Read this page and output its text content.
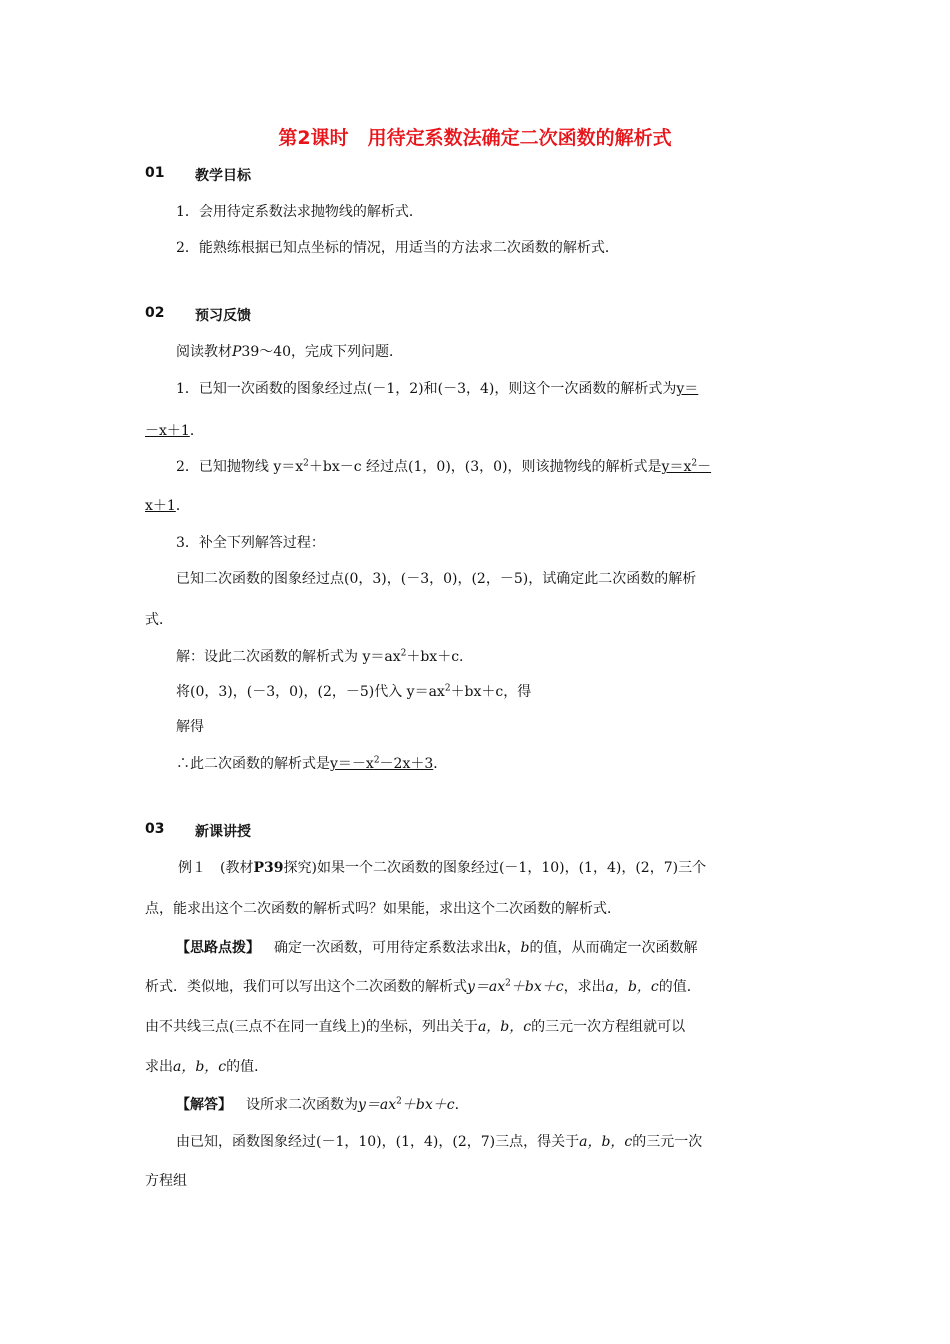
第2课时　用待定系数法确定二次函数的解析式
01 教学目标
1．会用待定系数法求抛物线的解析式．
2．能熟练根据已知点坐标的情况，用适当的方法求二次函数的解析式．
02 预习反馈
阅读教材P39～40，完成下列问题．
1．已知一次函数的图象经过点(－1，2)和(－3，4)，则这个一次函数的解析式为y＝
－x＋1．
2．已知抛物线 $y=x^2+bx-c$ 经过点(1，0)，(3，0)，则该抛物线的解析式是$y=x^2-$
x＋1．
3．补全下列解答过程：
已知二次函数的图象经过点(0，3)，(－3，0)，(2，－5)，试确定此二次函数的解析
式．
解：设此二次函数的解析式为 $y=ax^2+bx+c$.
将(0，3)，(－3，0)，(2，－5)代入 $y=ax^2+bx+c$，得
解得
∴此二次函数的解析式是$y=-x^2-2x+3$．
03 新课讲授
例１　(教材P39探究)如果一个二次函数的图象经过(－1，10)，(1，4)，(2，7)三个
点，能求出这个二次函数的解析式吗？如果能，求出这个二次函数的解析式．
【思路点拨】 确定一次函数，可用待定系数法求出k，b的值，从而确定一次函数解
析式．类似地，我们可以写出这个二次函数的解析式$y=ax^2+bx+c$，求出a，b，c的值．
由不共线三点(三点不在同一直线上)的坐标，列出关于a，b，c的三元一次方程组就可以
求出a，b，c的值．
【解答】 设所求二次函数为$y=ax^2+bx+c$.
由已知，函数图象经过(－1，10)，(1，4)，(2，7)三点，得关于a，b，c的三元一次
方程组
